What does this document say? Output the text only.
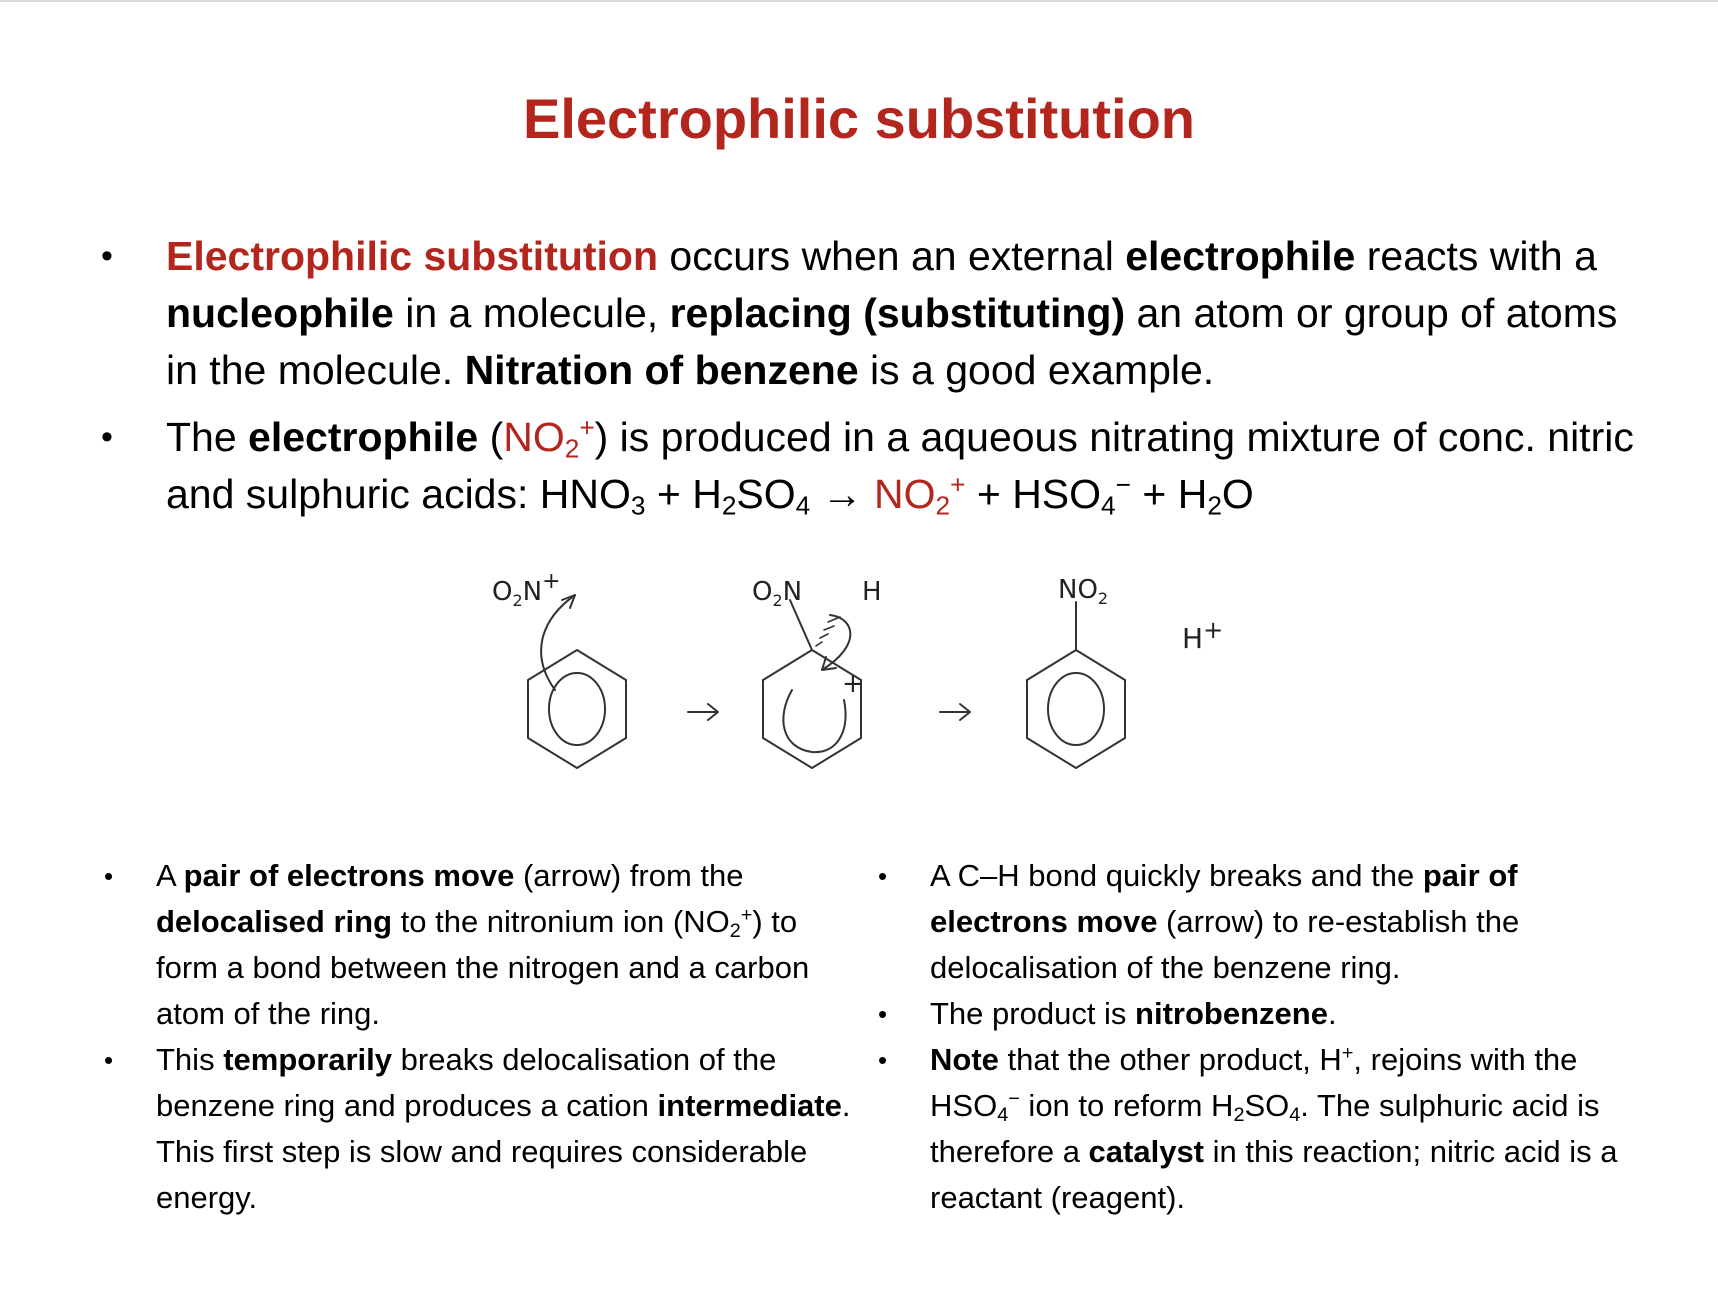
Electrophilic substitution
• Electrophilic substitution occurs when an external electrophile reacts with a nucleophile in a molecule, replacing (substituting) an atom or group of atoms in the molecule. Nitration of benzene is a good example.
• The electrophile $(NO_2^+)$ is produced in a aqueous nitrating mixture of conc. nitric and sulphuric acids: $HNO_3 + H_2SO_4 \to NO_2^+ + HSO_4^- + H_2O$
$O_2N^+$	$O_2N$ H
+
$NO_2$
H+
• A pair of electrons move (arrow) from the delocalised ring to the nitronium ion $(NO_2^+)$ to form a bond between the nitrogen and a carbon atom of the ring.
• This temporarily breaks delocalisation of the benzene ring and produces a cation intermediate. This first step is slow and requires considerable energy.
• A C–H bond quickly breaks and the pair of electrons move (arrow) to re-establish the delocalisation of the benzene ring.
• The product is nitrobenzene.
• Note that the other product, H+, rejoins with the $HSO_4^-$ ion to reform $H_2SO_4$. The sulphuric acid is therefore a catalyst in this reaction; nitric acid is a reactant (reagent).
